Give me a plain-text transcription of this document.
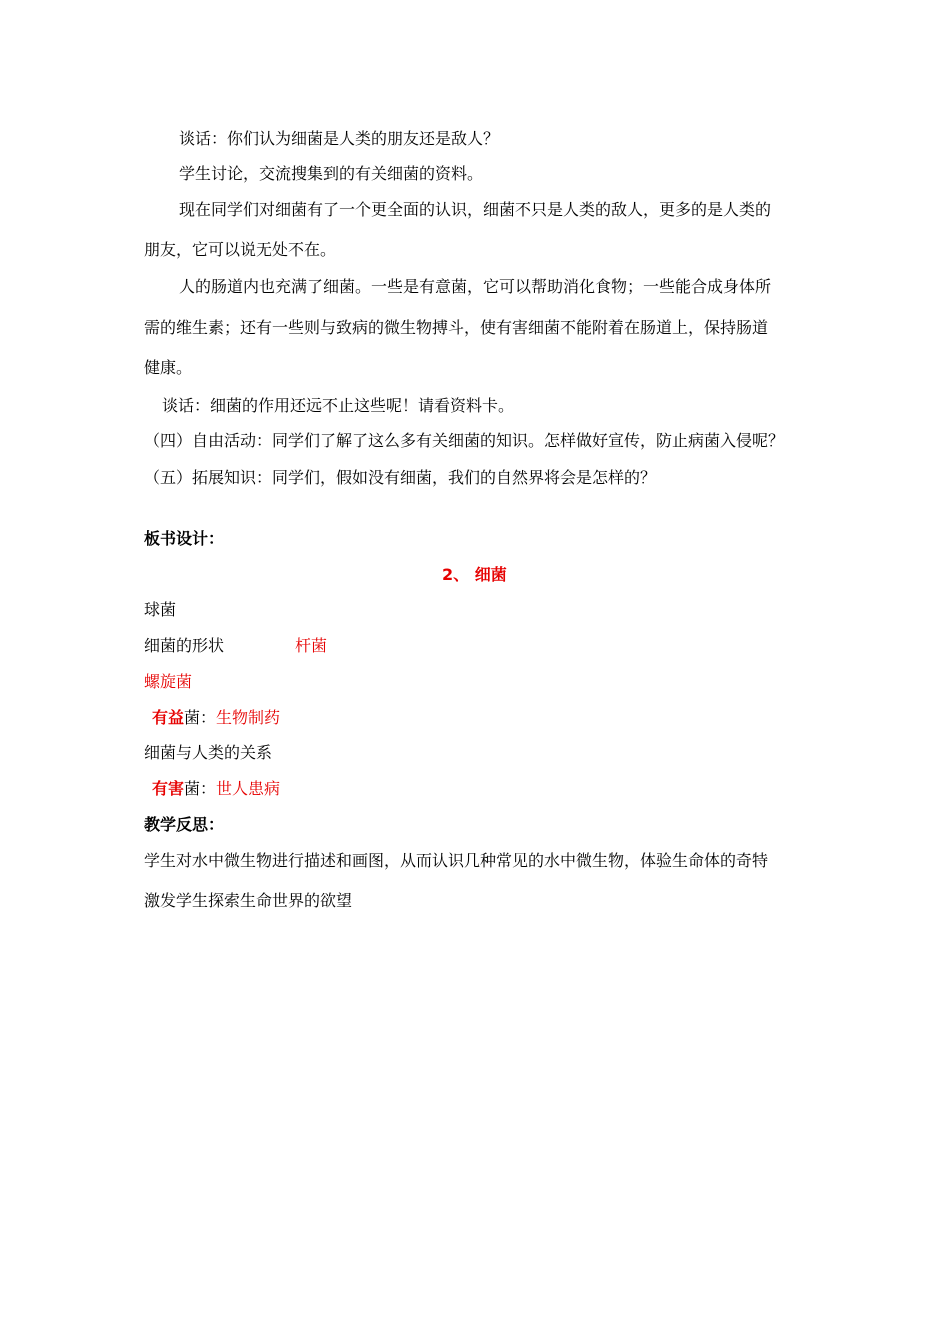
谈话：你们认为细菌是人类的朋友还是敌人？
学生讨论，交流搜集到的有关细菌的资料。
现在同学们对细菌有了一个更全面的认识，细菌不只是人类的敌人，更多的是人类的
朋友，它可以说无处不在。
人的肠道内也充满了细菌。一些是有意菌，它可以帮助消化食物；一些能合成身体所
需的维生素；还有一些则与致病的微生物搏斗，使有害细菌不能附着在肠道上，保持肠道
健康。
谈话：细菌的作用还远不止这些呢！请看资料卡。
（四）自由活动：同学们了解了这么多有关细菌的知识。怎样做好宣传，防止病菌入侵呢？
（五）拓展知识：同学们，假如没有细菌，我们的自然界将会是怎样的？
板书设计：
2、 细菌
球菌
细菌的形状	杆菌
螺旋菌
有益菌：生物制药
细菌与人类的关系
有害菌：世人患病
教学反思：
学生对水中微生物进行描述和画图，从而认识几种常见的水中微生物，体验生命体的奇特
激发学生探索生命世界的欲望
